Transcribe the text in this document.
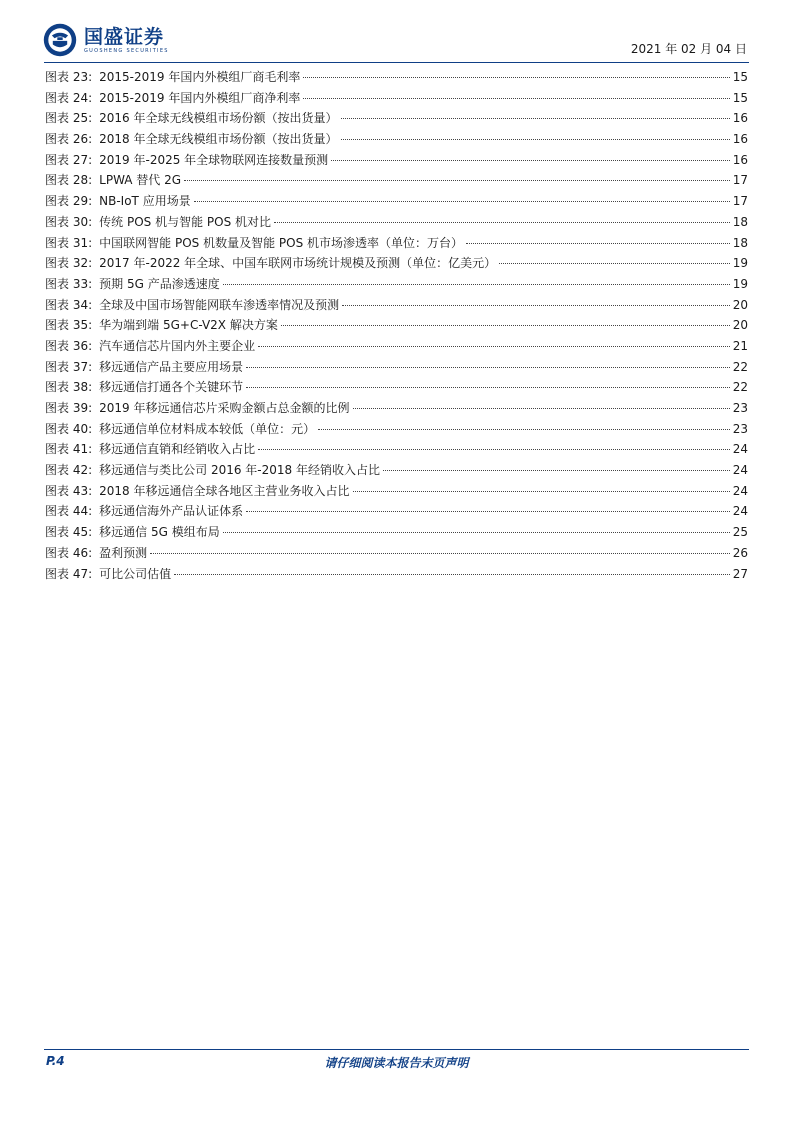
国盛证券
GUOSHENG SECURITIES	2021 年 02 月 04 日
图表 23: 2015-2019 年国内外模组厂商毛利率	15
图表 24: 2015-2019 年国内外模组厂商净利率	15
图表 25: 2016 年全球无线模组市场份额（按出货量）	16
图表 26: 2018 年全球无线模组市场份额（按出货量）	16
图表 27: 2019 年-2025 年全球物联网连接数量预测	16
图表 28: LPWA 替代 2G	17
图表 29: NB-IoT 应用场景	17
图表 30: 传统 POS 机与智能 POS 机对比	18
图表 31: 中国联网智能 POS 机数量及智能 POS 机市场渗透率（单位：万台）	18
图表 32: 2017 年-2022 年全球、中国车联网市场统计规模及预测（单位：亿美元）	19
图表 33: 预期 5G 产品渗透速度	19
图表 34: 全球及中国市场智能网联车渗透率情况及预测	20
图表 35: 华为端到端 5G+C-V2X 解决方案	20
图表 36: 汽车通信芯片国内外主要企业	21
图表 37: 移远通信产品主要应用场景	22
图表 38: 移远通信打通各个关键环节	22
图表 39: 2019 年移远通信芯片采购金额占总金额的比例	23
图表 40: 移远通信单位材料成本较低（单位：元）	23
图表 41: 移远通信直销和经销收入占比	24
图表 42: 移远通信与类比公司 2016 年-2018 年经销收入占比	24
图表 43: 2018 年移远通信全球各地区主营业务收入占比	24
图表 44: 移远通信海外产品认证体系	24
图表 45: 移远通信 5G 模组布局	25
图表 46: 盈利预测	26
图表 47: 可比公司估值	27
请仔细阅读本报告末页声明
P.4
